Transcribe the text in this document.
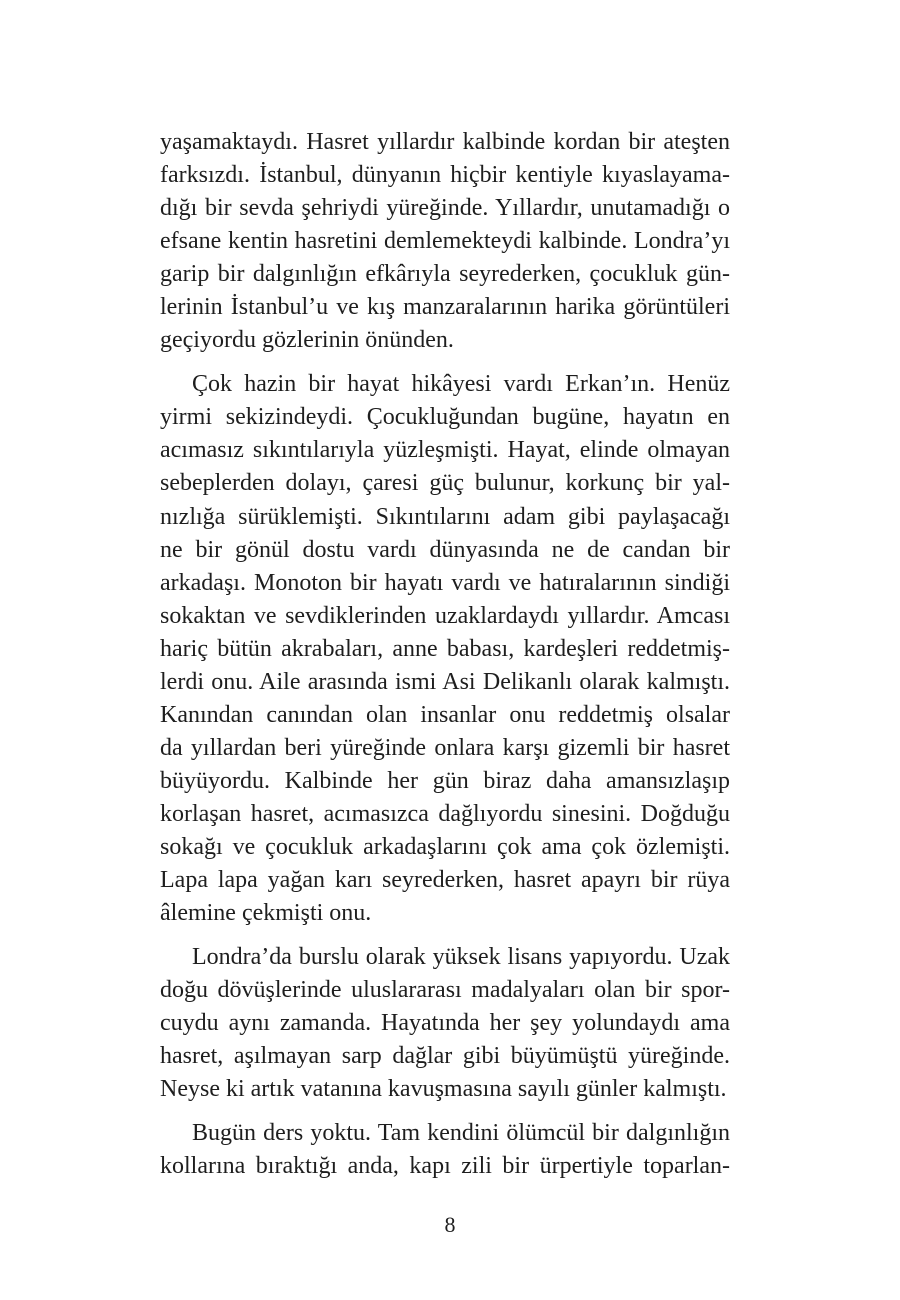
yaşamaktaydı. Hasret yıllardır kalbinde kordan bir ateşten
farksızdı. İstanbul, dünyanın hiçbir kentiyle kıyaslayama-
dığı bir sevda şehriydi yüreğinde. Yıllardır, unutamadığı o
efsane kentin hasretini demlemekteydi kalbinde. Londra’yı
garip bir dalgınlığın efkârıyla seyrederken, çocukluk gün-
lerinin İstanbul’u ve kış manzaralarının harika görüntüleri
geçiyordu gözlerinin önünden.

Çok hazin bir hayat hikâyesi vardı Erkan’ın. Henüz
yirmi sekizindeydi. Çocukluğundan bugüne, hayatın en
acımasız sıkıntılarıyla yüzleşmişti. Hayat, elinde olmayan
sebeplerden dolayı, çaresi güç bulunur, korkunç bir yal-
nızlığa sürüklemişti. Sıkıntılarını adam gibi paylaşacağı
ne bir gönül dostu vardı dünyasında ne de candan bir
arkadaşı. Monoton bir hayatı vardı ve hatıralarının sindiği
sokaktan ve sevdiklerinden uzaklardaydı yıllardır. Amcası
hariç bütün akrabaları, anne babası, kardeşleri reddetmiş-
lerdi onu. Aile arasında ismi Asi Delikanlı olarak kalmıştı.
Kanından canından olan insanlar onu reddetmiş olsalar
da yıllardan beri yüreğinde onlara karşı gizemli bir hasret
büyüyordu. Kalbinde her gün biraz daha amansızlaşıp
korlaşan hasret, acımasızca dağlıyordu sinesini. Doğduğu
sokağı ve çocukluk arkadaşlarını çok ama çok özlemişti.
Lapa lapa yağan karı seyrederken, hasret apayrı bir rüya
âlemine çekmişti onu.

Londra’da burslu olarak yüksek lisans yapıyordu. Uzak
doğu dövüşlerinde uluslararası madalyaları olan bir spor-
cuydu aynı zamanda. Hayatında her şey yolundaydı ama
hasret, aşılmayan sarp dağlar gibi büyümüştü yüreğinde.
Neyse ki artık vatanına kavuşmasına sayılı günler kalmıştı.

Bugün ders yoktu. Tam kendini ölümcül bir dalgınlığın
kollarına bıraktığı anda, kapı zili bir ürpertiyle toparlan-

8
